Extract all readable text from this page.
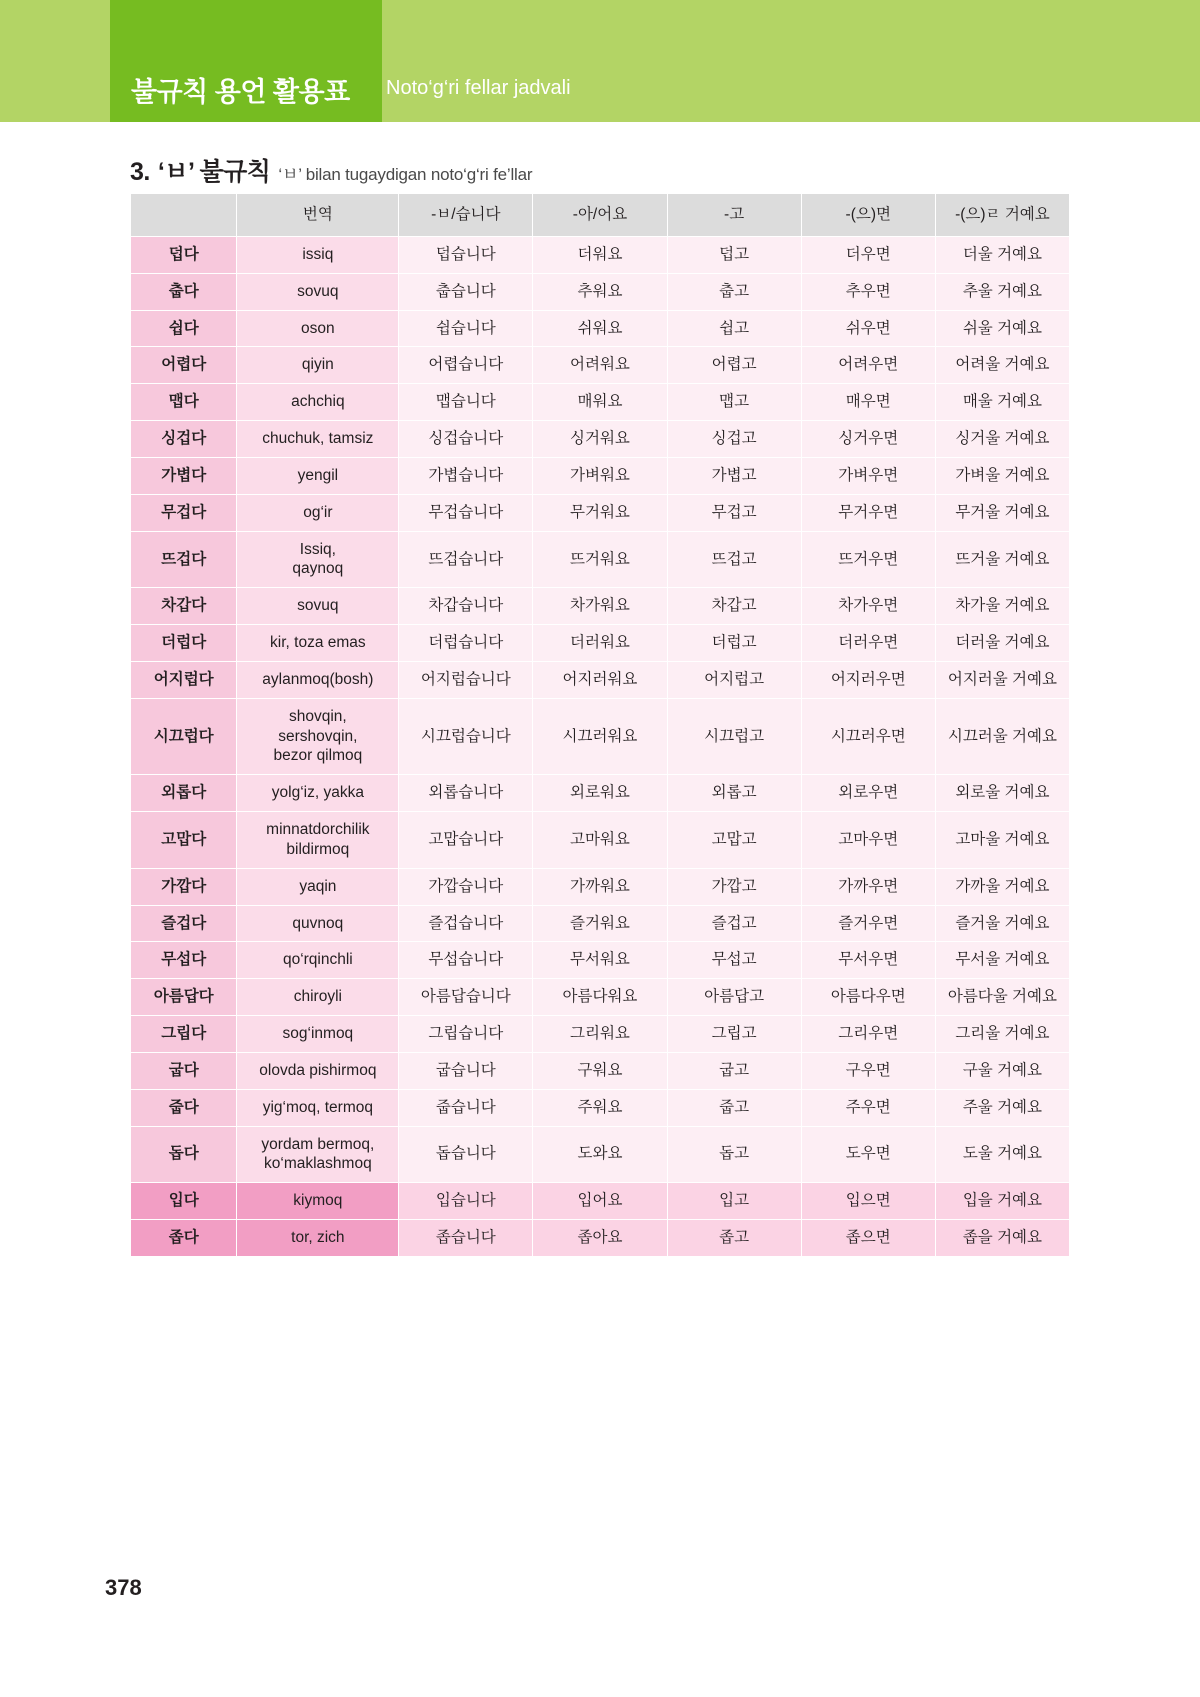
불규칙 용언 활용표 Noto‘g‘ri fellar jadvali
3. ‘ㅂ’ 불규칙 ‘ㅂ’ bilan tugaydigan noto‘g‘ri fe’llar
	번역	-ㅂ/습니다	-아/어요	-고	-(으)면	-(으)ㄹ 거예요
덥다	issiq	덥습니다	더워요	덥고	더우면	더울 거예요
춥다	sovuq	춥습니다	추워요	춥고	추우면	추울 거예요
쉽다	oson	쉽습니다	쉬워요	쉽고	쉬우면	쉬울 거예요
어렵다	qiyin	어렵습니다	어려워요	어렵고	어려우면	어려울 거예요
맵다	achchiq	맵습니다	매워요	맵고	매우면	매울 거예요
싱겁다	chuchuk, tamsiz	싱겁습니다	싱거워요	싱겁고	싱거우면	싱거울 거예요
가볍다	yengil	가볍습니다	가벼워요	가볍고	가벼우면	가벼울 거예요
무겁다	og‘ir	무겁습니다	무거워요	무겁고	무거우면	무거울 거예요
뜨겁다	Issiq,
qaynoq	뜨겁습니다	뜨거워요	뜨겁고	뜨거우면	뜨거울 거예요
차갑다	sovuq	차갑습니다	차가워요	차갑고	차가우면	차가울 거예요
더럽다	kir, toza emas	더럽습니다	더러워요	더럽고	더러우면	더러울 거예요
어지럽다	aylanmoq(bosh)	어지럽습니다	어지러워요	어지럽고	어지러우면	어지러울 거예요
시끄럽다	shovqin,
sershovqin,
bezor qilmoq	시끄럽습니다	시끄러워요	시끄럽고	시끄러우면	시끄러울 거예요
외롭다	yolg‘iz, yakka	외롭습니다	외로워요	외롭고	외로우면	외로울 거예요
고맙다	minnatdorchilik
bildirmoq	고맙습니다	고마워요	고맙고	고마우면	고마울 거예요
가깝다	yaqin	가깝습니다	가까워요	가깝고	가까우면	가까울 거예요
즐겁다	quvnoq	즐겁습니다	즐거워요	즐겁고	즐거우면	즐거울 거예요
무섭다	qo‘rqinchli	무섭습니다	무서워요	무섭고	무서우면	무서울 거예요
아름답다	chiroyli	아름답습니다	아름다워요	아름답고	아름다우면	아름다울 거예요
그립다	sog‘inmoq	그립습니다	그리워요	그립고	그리우면	그리울 거예요
굽다	olovda pishirmoq	굽습니다	구워요	굽고	구우면	구울 거예요
줍다	yig‘moq, termoq	줍습니다	주워요	줍고	주우면	주울 거예요
돕다	yordam bermoq,
ko‘maklashmoq	돕습니다	도와요	돕고	도우면	도울 거예요
입다	kiymoq	입습니다	입어요	입고	입으면	입을 거예요
좁다	tor, zich	좁습니다	좁아요	좁고	좁으면	좁을 거예요
378
